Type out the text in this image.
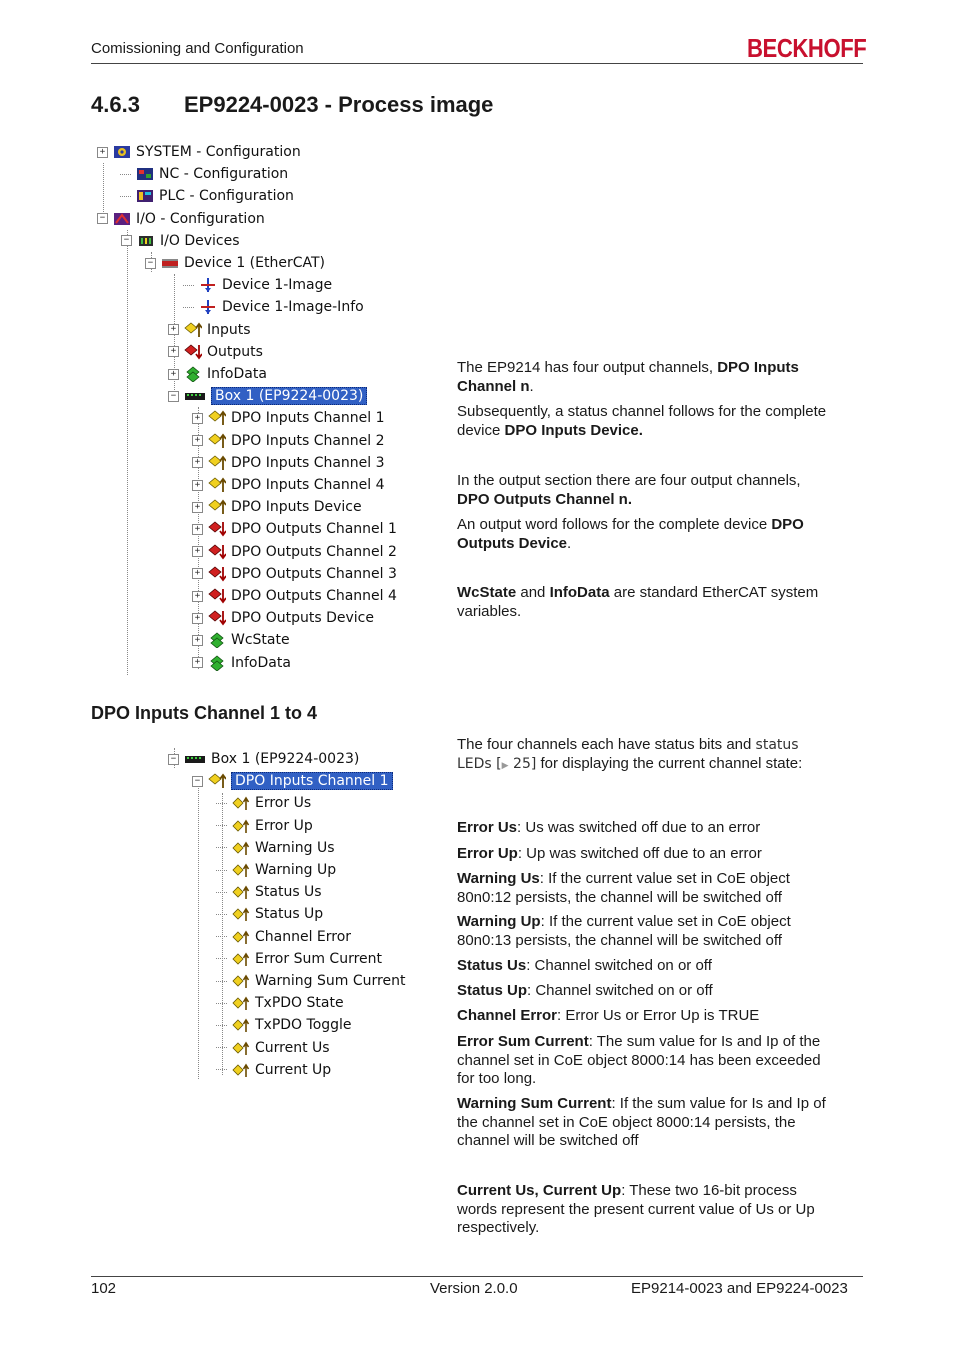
Comissioning and Configuration	BECKHOFF
4.6.3 EP9224-0023 - Process image
+ SYSTEM - Configuration
NC - Configuration
PLC - Configuration
− I/O - Configuration
− I/O Devices
− Device 1 (EtherCAT)
Device 1-Image
Device 1-Image-Info
+ Inputs
+ Outputs
+ InfoData
−	Box 1 (EP9224-0023)
+ DPO Inputs Channel 1
+ DPO Inputs Channel 2
+ DPO Inputs Channel 3
+ DPO Inputs Channel 4
+ DPO Inputs Device
+ DPO Outputs Channel 1
+ DPO Outputs Channel 2
+ DPO Outputs Channel 3
+ DPO Outputs Channel 4
+ DPO Outputs Device
+ WcState
+ InfoData
− Box 1 (EP9224-0023)
− DPO Inputs Channel 1
Error Us
Error Up
Warning Us
Warning Up
Status Us
Status Up
Channel Error
Error Sum Current
Warning Sum Current
TxPDO State
TxPDO Toggle
Current Us
Current Up
The EP9214 has four output channels, DPO Inputs Channel n.
Subsequently, a status channel follows for the complete device DPO Inputs Device.
In the output section there are four output channels, DPO Outputs Channel n.
An output word follows for the complete device DPO Outputs Device.
WcState and InfoData are standard EtherCAT system variables.
DPO Inputs Channel 1 to 4
The four channels each have status bits and status LEDs [▶ 25] for displaying the current channel state:
Error Us: Us was switched off due to an error
Error Up: Up was switched off due to an error
Warning Us: If the current value set in CoE object 80n0:12 persists, the channel will be switched off
Warning Up: If the current value set in CoE object 80n0:13 persists, the channel will be switched off
Status Us: Channel switched on or off
Status Up: Channel switched on or off
Channel Error: Error Us or Error Up is TRUE
Error Sum Current: The sum value for Is and Ip of the channel set in CoE object 8000:14 has been exceeded for too long.
Warning Sum Current: If the sum value for Is and Ip of the channel set in CoE object 8000:14 persists, the channel will be switched off
Current Us, Current Up: These two 16-bit process words represent the present current value of Us or Up respectively.
102	Version 2.0.0	EP9214-0023 and EP9224-0023
